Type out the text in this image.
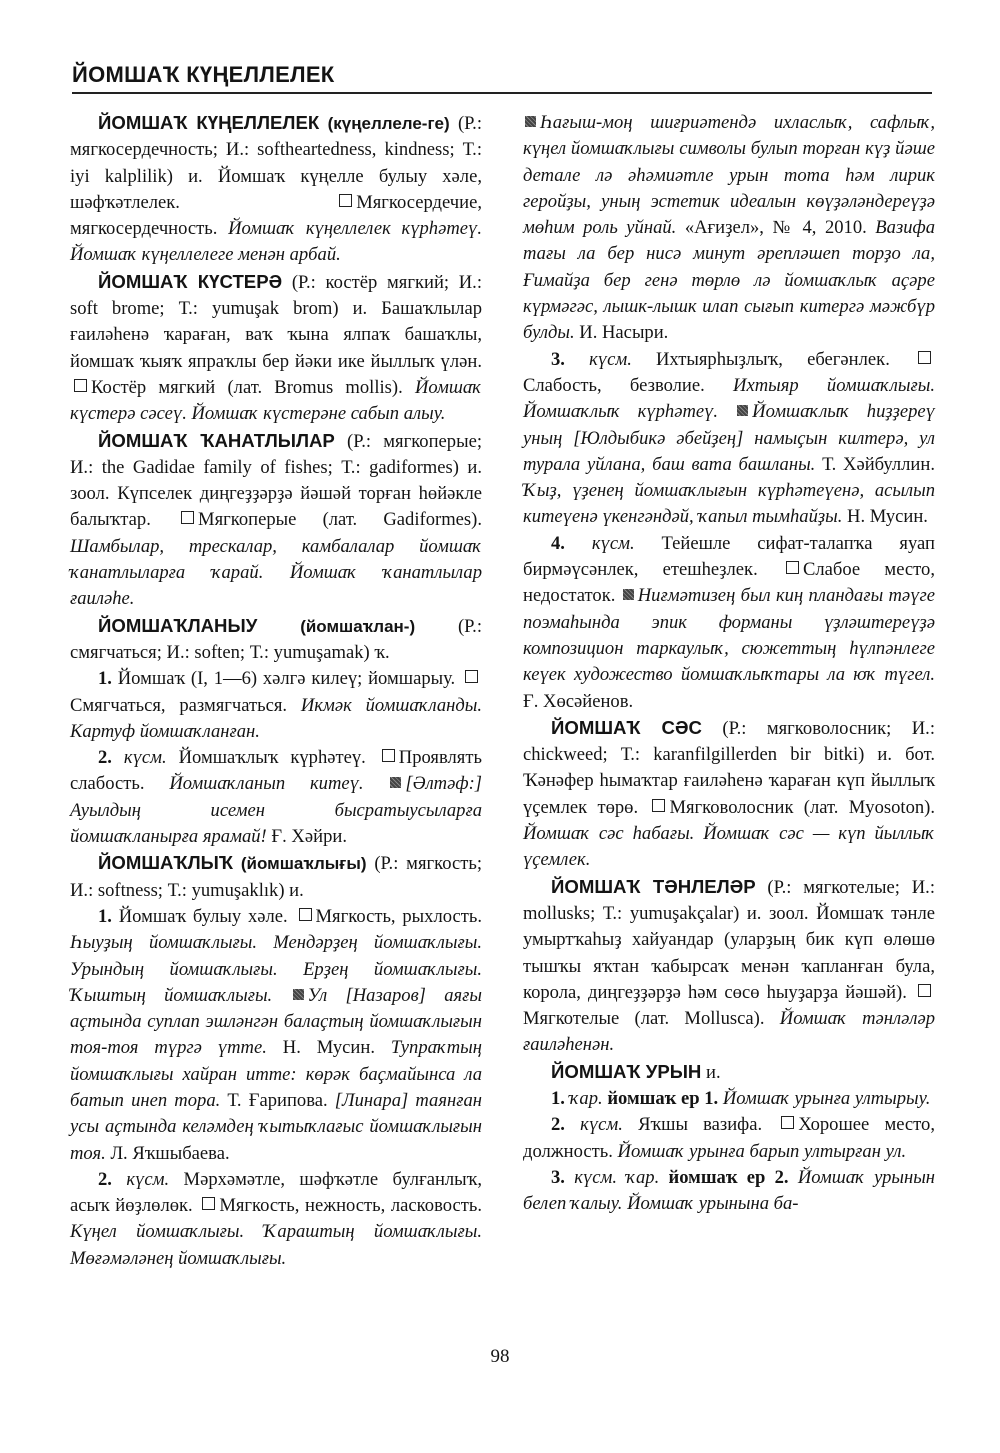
ЙОМШАҠ КҮҢЕЛЛЕЛЕК

ЙОМШАҠ КҮҢЕЛЛЕЛЕК (күңеллеле-ге) (Р.: мягкосердечность; И.: softheartedness, kindness; Т.: iyi kalplilik) и. Йомшаҡ күңелле булыу хәле, шәфҡәтлелек.	Мягкосердечие, мягкосердечность. Йомшаҡ күңеллелек күрһәтеү. Йомшаҡ күңеллелеге менән арбай.

ЙОМШАҠ КҮСТЕРӘ (Р.: костёр мягкий; И.: soft brome; Т.: yumuşak brom) и. Башаҡлылар ғаиләһенә ҡараған, ваҡ ҡына ялпаҡ башаҡлы, йомшаҡ ҡыяҡ япраҡлы бер йәки ике йыллыҡ үлән. Костёр мягкий (лат. Bromus mollis). Йомшаҡ күстерә сәсеү. Йомшаҡ күстерәне сабып алыу.

ЙОМШАҠ ҠАНАТЛЫЛАР (Р.: мягкоперые; И.: the Gadidae family of fishes; Т.: gadiformes) и. зоол. Күпселек диңгеҙҙәрҙә йәшәй торған һөйәкле балыҡтар.	Мягкоперые (лат. Gadiformes). Шамбылар, трескалар, камбалалар йомшаҡ ҡанатлыларға ҡарай. Йомшаҡ ҡанатлылар ғаиләһе.

ЙОМШАҠЛАНЫУ (йомшаҡлан-) (Р.: смягчаться; И.: soften; Т.: yumuşamak) ҡ.

1. Йомшаҡ (I, 1—6) хәлгә килеү; йомшарыу. Смягчаться, размягчаться. Икмәк йомшаҡланды. Картуф йомшаҡланған.

2. күсм. Йомшаҡлыҡ күрһәтеү. Проявлять слабость. Йомшаҡланып китеү. [Әлтәф:] Ауылдың исемен бысратыусыларға йомшаҡланырға ярамай! Ғ. Хәйри.

ЙОМШАҠЛЫҠ (йомшаҡлығы) (Р.: мягкость; И.: softness; Т.: yumuşaklık) и.

1. Йомшаҡ булыу хәле. Мягкость, рыхлость. Һыуҙың йомшаҡлығы. Мендәрҙең йомшаҡлығы. Урындың йомшаҡлығы. Ерҙең йомшаҡлығы. Ҡыштың йомшаҡлығы. Ул [Назаров] аяғы аҫтында суплап эшләнгән балаҫтың йомшаҡлығын тоя-тоя түргә үтте. Н. Мусин. Тупраҡтың йомшаҡлығы хайран итте: көрәк баҫмайынса ла батып инеп тора. Т. Ғарипова. [Линара] таянған усы аҫтында келәмдең ҡытыҡлағыс йомшаҡлығын тоя. Л. Яҡшыбаева.

2. күсм. Мәрхәмәтле, шәфҡәтле булғанлыҡ, асыҡ йөҙлөлөк. Мягкость, нежность, ласковость. Күңел йомшаҡлығы. Ҡараштың йомшаҡлығы. Мөғәмәләнең йомшаҡлығы.

Һағыш-моң шиғриәтендә ихласлыҡ, сафлыҡ, күңел йомшаҡлығы символы булып торған күҙ йәше детале лә әһәмиәтле урын тота һәм лирик геройҙы, уның эстетик идеалын көүҙәләндереүҙә мөһим роль уйнай. «Ағиҙел», № 4, 2010. Вазифа тағы ла бер нисә минут әрепләшеп торҙо ла, Ғимайҙа бер генә төрлө лә йомшаҡлыҡ аҫәре күрмәгәс, лышк-лышк илап сығып китергә мәжбүр булды. И. Насыри.

3. күсм. Ихтыярһыҙлыҡ, ебегәнлек. Слабость, безволие. Ихтыяр йомшаҡлығы. Йомшаҡлыҡ күрһәтеү. Йомшаҡлыҡ һиҙҙереү уның [Юлдыбикә әбейҙең] намыҫын килтерә, ул турала уйлана, баш вата башланы. Т. Хәйбуллин. Ҡыҙ, үҙенең йомшаҡлығын күрһәтеүенә, асылып китеүенә үкенгәндәй, ҡапыл тымһайҙы. Н. Мусин.

4. күсм. Тейешле сифат-талапҡа яуап бирмәүсәнлек, етешһеҙлек. Слабое место, недостаток. Ниғмәтизең был киң пландағы тәүге поэмаһында эпик форманы үҙләштереүҙә композицион таркаулыҡ, сюжеттың һүлпәнлеге кеүек художество йомшаҡлыҡтары ла юҡ түгел. Ғ. Хөсәйенов.

ЙОМШАҠ СӘС (Р.: мягковолосник; И.: chickweed; Т.: karanfilgillerden bir bitki) и. бот. Ҡәнәфер һымаҡтар ғаиләһенә ҡараған күп йыллыҡ үҫемлек төрө. Мягковолосник (лат. Myosoton). Йомшаҡ сәс һабағы. Йомшаҡ сәс — күп йыллыҡ үҫемлек.

ЙОМШАҠ ТӘНЛЕЛӘР (Р.: мягкотелые; И.: mollusks; Т.: yumuşakçalar) и. зоол. Йомшаҡ тәнле умыртҡаһыҙ хайуандар (уларҙың бик күп өлөшө тышҡы яҡтан ҡабырсаҡ менән ҡапланған була, корола, диңгеҙҙәрҙә һәм сөсө һыуҙарҙа йәшәй). Мягкотелые (лат. Mollusca). Йомшаҡ тәнләләр ғаиләһенән.

ЙОМШАҠ УРЫН и.

1. ҡар. йомшаҡ ер 1. Йомшаҡ урынға ултырыу.

2. күсм. Яҡшы вазифа. Хорошее место, должность. Йомшаҡ урынға барып ултырған ул.

3. күсм. ҡар. йомшаҡ ер 2. Йомшаҡ урынын белеп ҡалыу. Йомшаҡ урынына ба-

98
